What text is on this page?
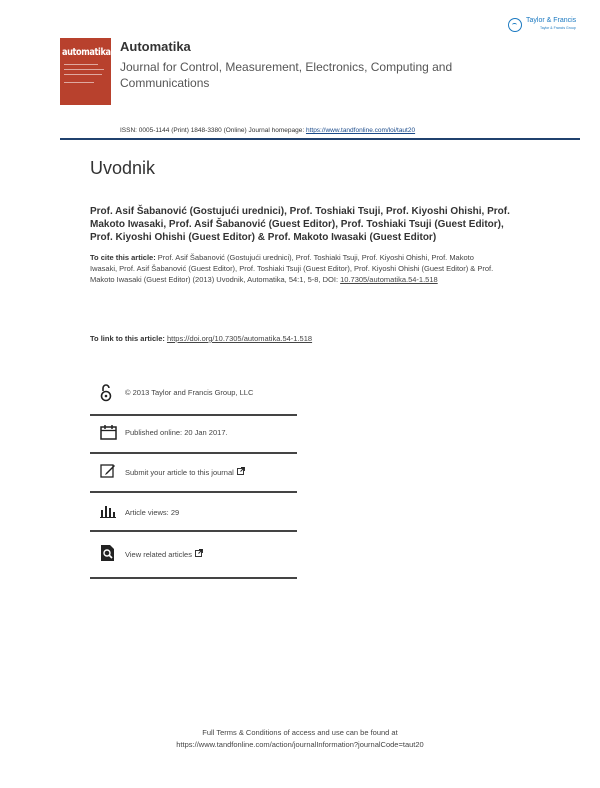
automatika Automatika
Journal for Control, Measurement, Electronics, Computing and Communications
Taylor & Francis
Taylor & Francis Group
ISSN: 0005-1144 (Print) 1848-3380 (Online) Journal homepage: https://www.tandfonline.com/loi/taut20
Uvodnik
Prof. Asif Šabanović (Gostujući urednici), Prof. Toshiaki Tsuji, Prof. Kiyoshi Ohishi, Prof. Makoto Iwasaki, Prof. Asif Šabanović (Guest Editor), Prof. Toshiaki Tsuji (Guest Editor), Prof. Kiyoshi Ohishi (Guest Editor) & Prof. Makoto Iwasaki (Guest Editor)
To cite this article: Prof. Asif Šabanović (Gostujući urednici), Prof. Toshiaki Tsuji, Prof. Kiyoshi Ohishi, Prof. Makoto Iwasaki, Prof. Asif Šabanović (Guest Editor), Prof. Toshiaki Tsuji (Guest Editor), Prof. Kiyoshi Ohishi (Guest Editor) & Prof. Makoto Iwasaki (Guest Editor) (2013) Uvodnik, Automatika, 54:1, 5-8, DOI: 10.7305/automatika.54-1.518
To link to this article: https://doi.org/10.7305/automatika.54-1.518
© 2013 Taylor and Francis Group, LLC
Published online: 20 Jan 2017.
Submit your article to this journal
Article views: 29
View related articles
Full Terms & Conditions of access and use can be found at
https://www.tandfonline.com/action/journalInformation?journalCode=taut20
